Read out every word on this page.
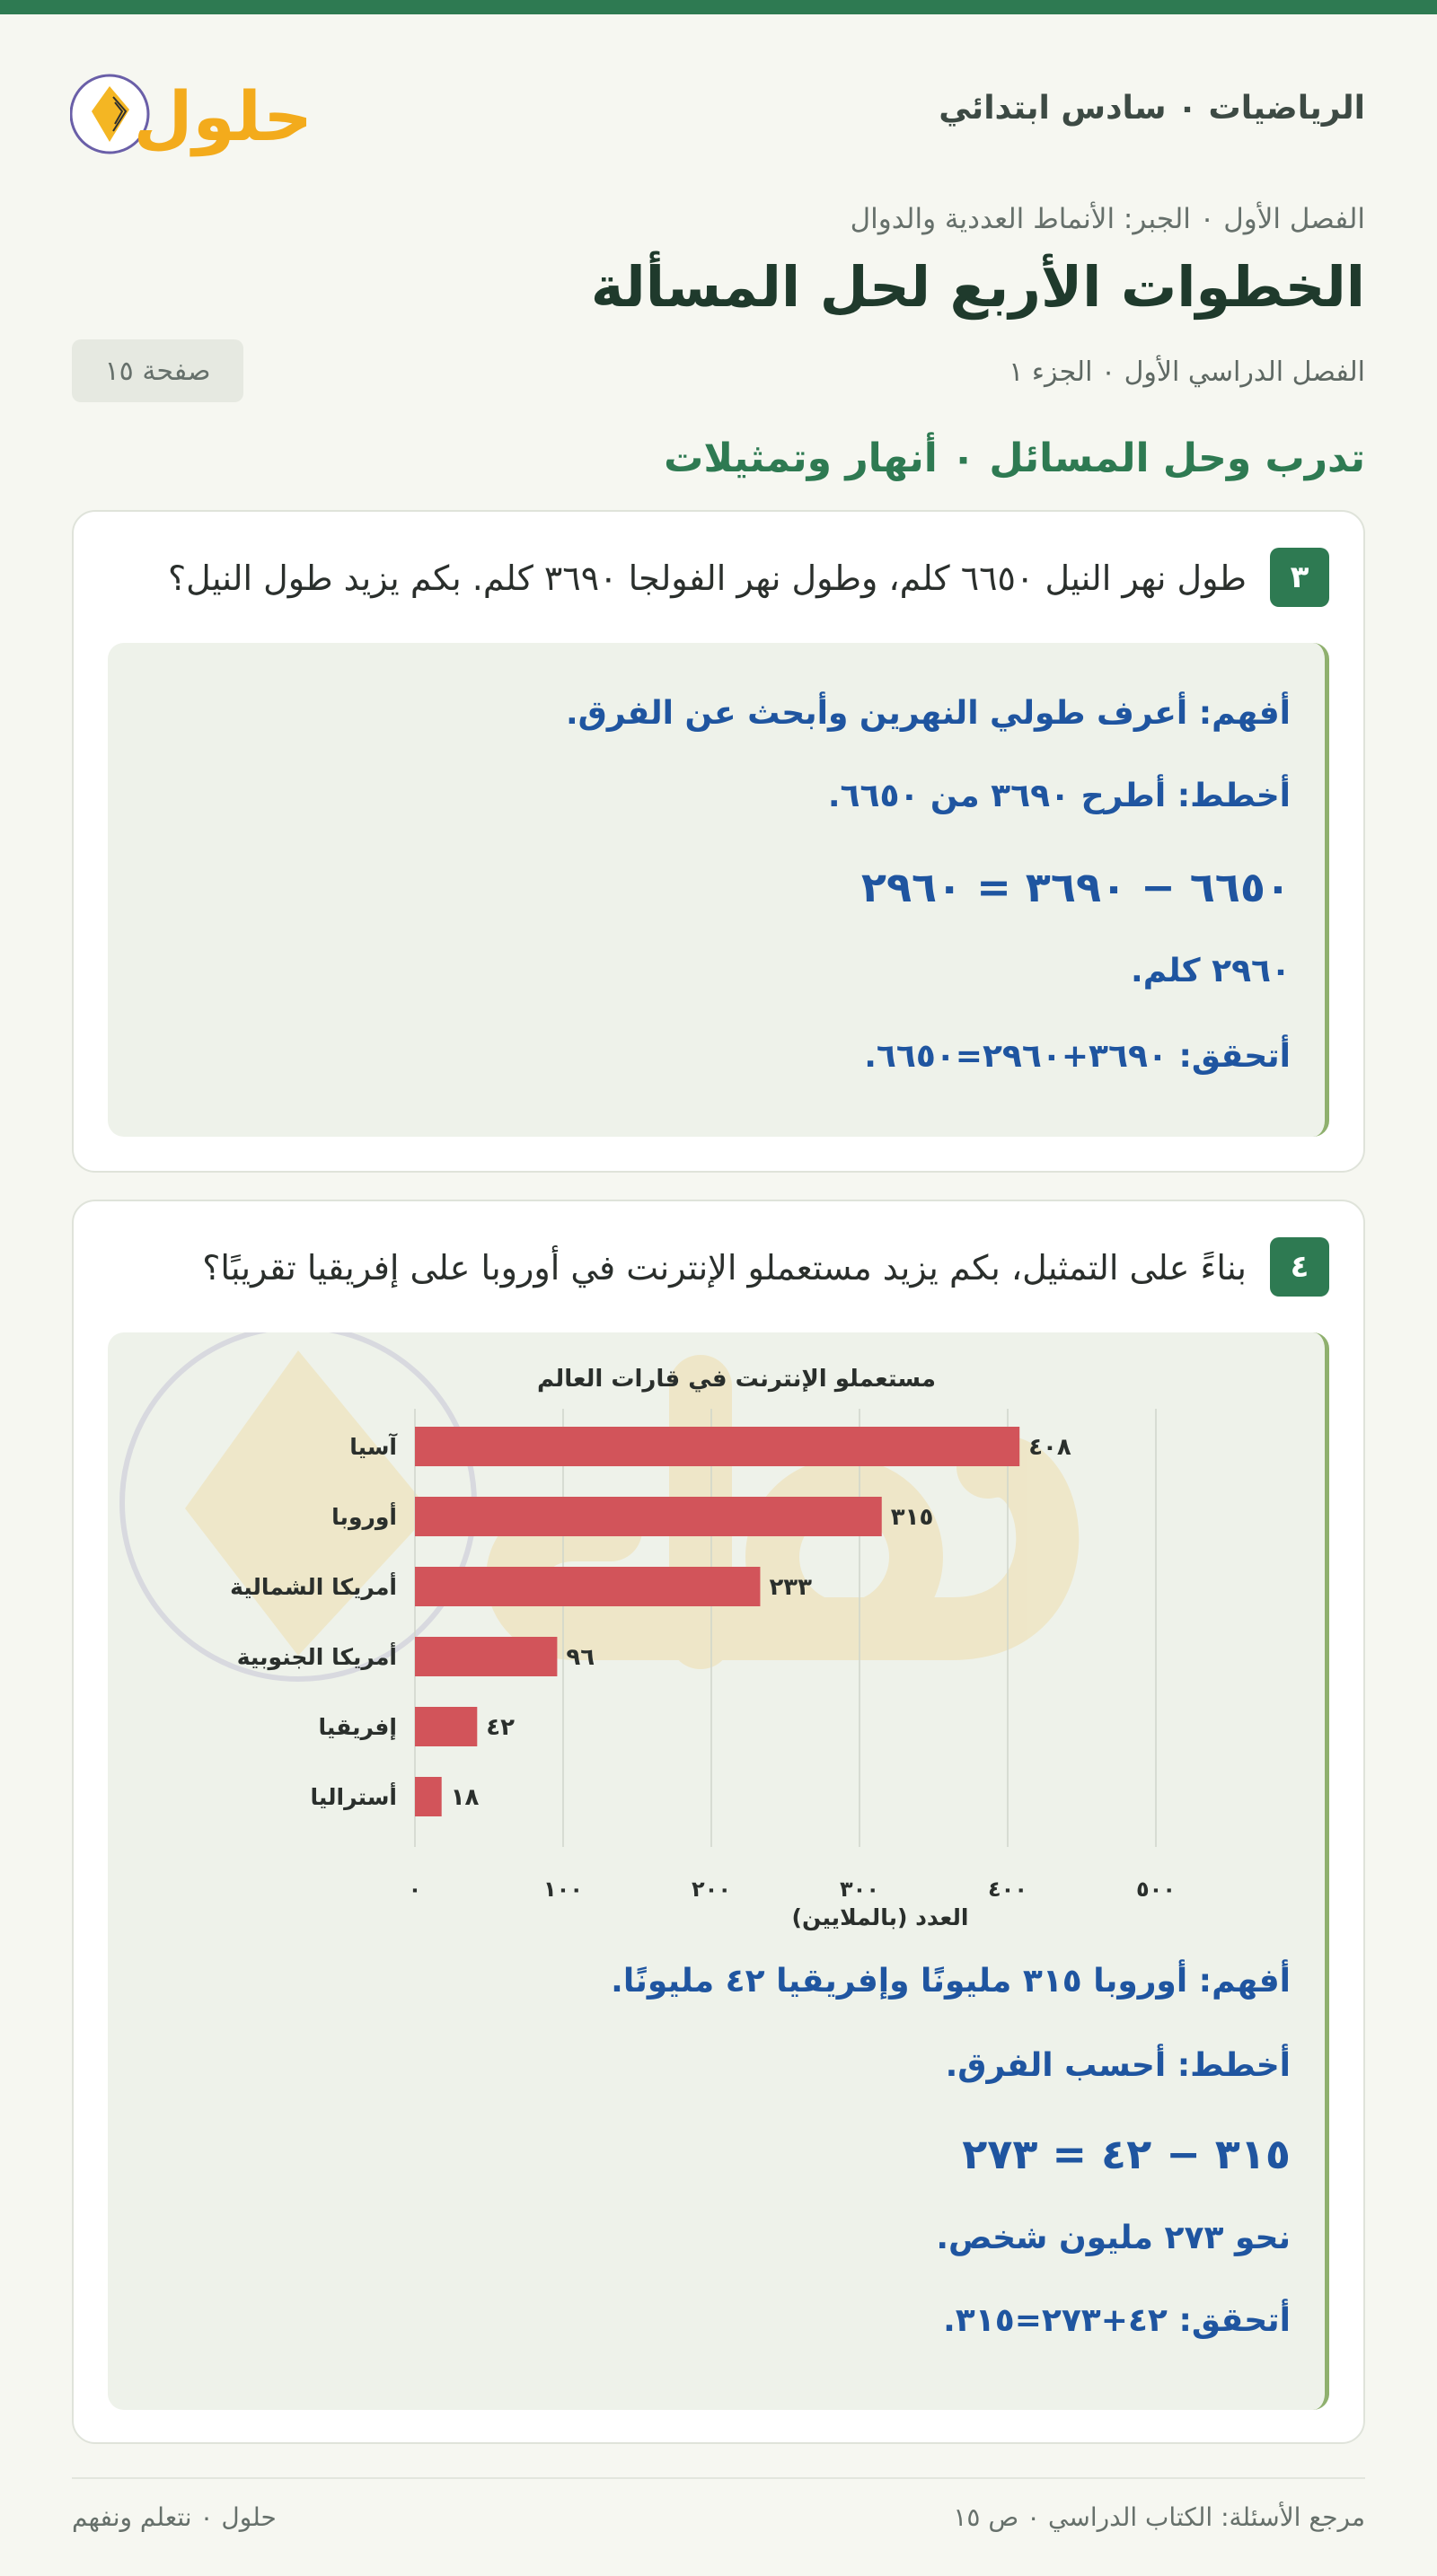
الرياضيات ۰ سادس ابتدائي
حلول
الفصل الأول ۰ الجبر: الأنماط العددية والدوال
الخطوات الأربع لحل المسألة
الفصل الدراسي الأول ۰ الجزء ١
صفحة ١٥
تدرب وحل المسائل ۰ أنهار وتمثيلات
٣
طول نهر النيل ٦٦٥٠ كلم، وطول نهر الفولجا ٣٦٩٠ كلم. بكم يزيد طول النيل؟
أفهم: أعرف طولي النهرين وأبحث عن الفرق.
أخطط: أطرح ٣٦٩٠ من ٦٦٥٠.
٦٦٥٠ − ٣٦٩٠ = ٢٩٦٠
٢٩٦٠ كلم.
أتحقق: ٣٦٩٠+٢٩٦٠=٦٦٥٠.
٤
بناءً على التمثيل، بكم يزيد مستعملو الإنترنت في أوروبا على إفريقيا تقريبًا؟
مستعملو الإنترنت في قارات العالم
٤٠٨
آسيا
٣١٥
أوروبا
٢٣٣
أمريكا الشمالية
٩٦
أمريكا الجنوبية
٤٢
إفريقيا
١٨
أستراليا
٠	١٠٠	٢٠٠	٣٠٠	٤٠٠	٥٠٠
العدد (بالملايين)
أفهم: أوروبا ٣١٥ مليونًا وإفريقيا ٤٢ مليونًا.
أخطط: أحسب الفرق.
٣١٥ − ٤٢ = ٢٧٣
نحو ٢٧٣ مليون شخص.
أتحقق: ٤٢+٢٧٣=٣١٥.
مرجع الأسئلة: الكتاب الدراسي ۰ ص ١٥
حلول ۰ نتعلم ونفهم
